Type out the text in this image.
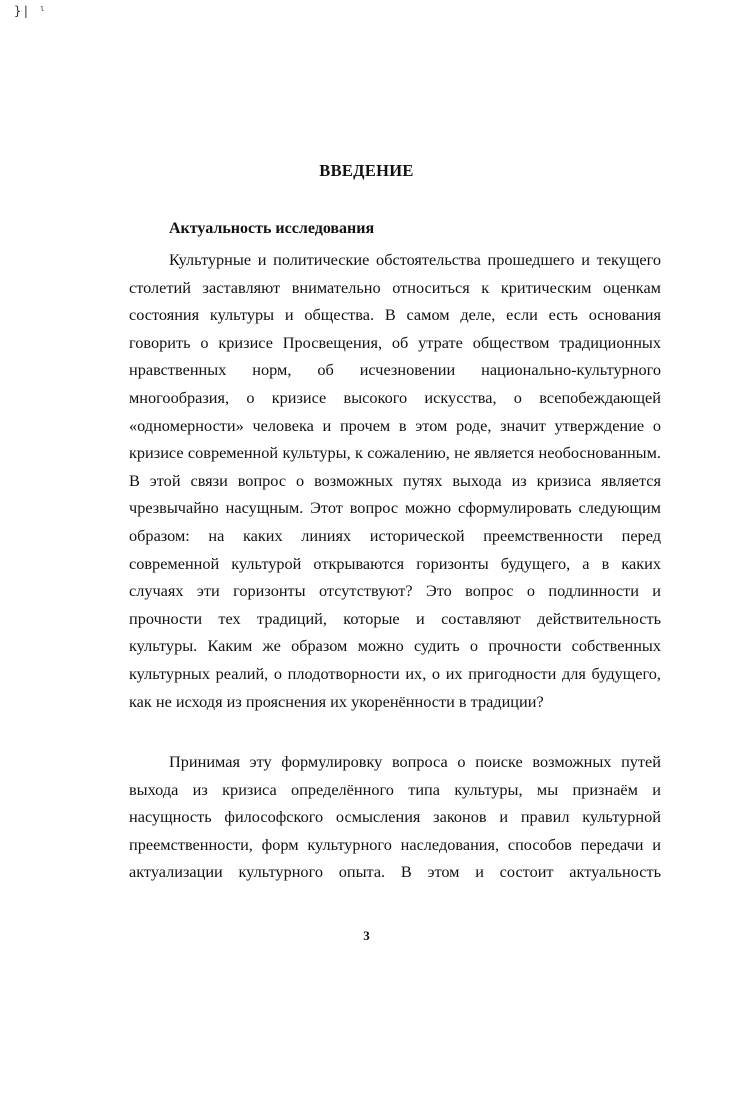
}| ˡ
ВВЕДЕНИЕ
Актуальность исследования
Культурные и политические обстоятельства прошедшего и текущего
столетий заставляют внимательно относиться к критическим оценкам
состояния культуры и общества. В самом деле, если есть основания
говорить о кризисе Просвещения, об утрате обществом традиционных
нравственных норм, об исчезновении национально-культурного
многообразия, о кризисе высокого искусства, о всепобеждающей
«одномерности» человека и прочем в этом роде, значит утверждение о
кризисе современной культуры, к сожалению, не является необоснованным.
В этой связи вопрос о возможных путях выхода из кризиса является
чрезвычайно насущным. Этот вопрос можно сформулировать следующим
образом: на каких линиях исторической преемственности перед
современной культурой открываются горизонты будущего, а в каких
случаях эти горизонты отсутствуют? Это вопрос о подлинности и
прочности тех традиций, которые и составляют действительность
культуры. Каким же образом можно судить о прочности собственных
культурных реалий, о плодотворности их, о их пригодности для будущего,
как не исходя из прояснения их укоренённости в традиции?
Принимая эту формулировку вопроса о поиске возможных путей
выхода из кризиса определённого типа культуры, мы признаём и
насущность философского осмысления законов и правил культурной
преемственности, форм культурного наследования, способов передачи и
актуализации культурного опыта. В этом и состоит актуальность
3
